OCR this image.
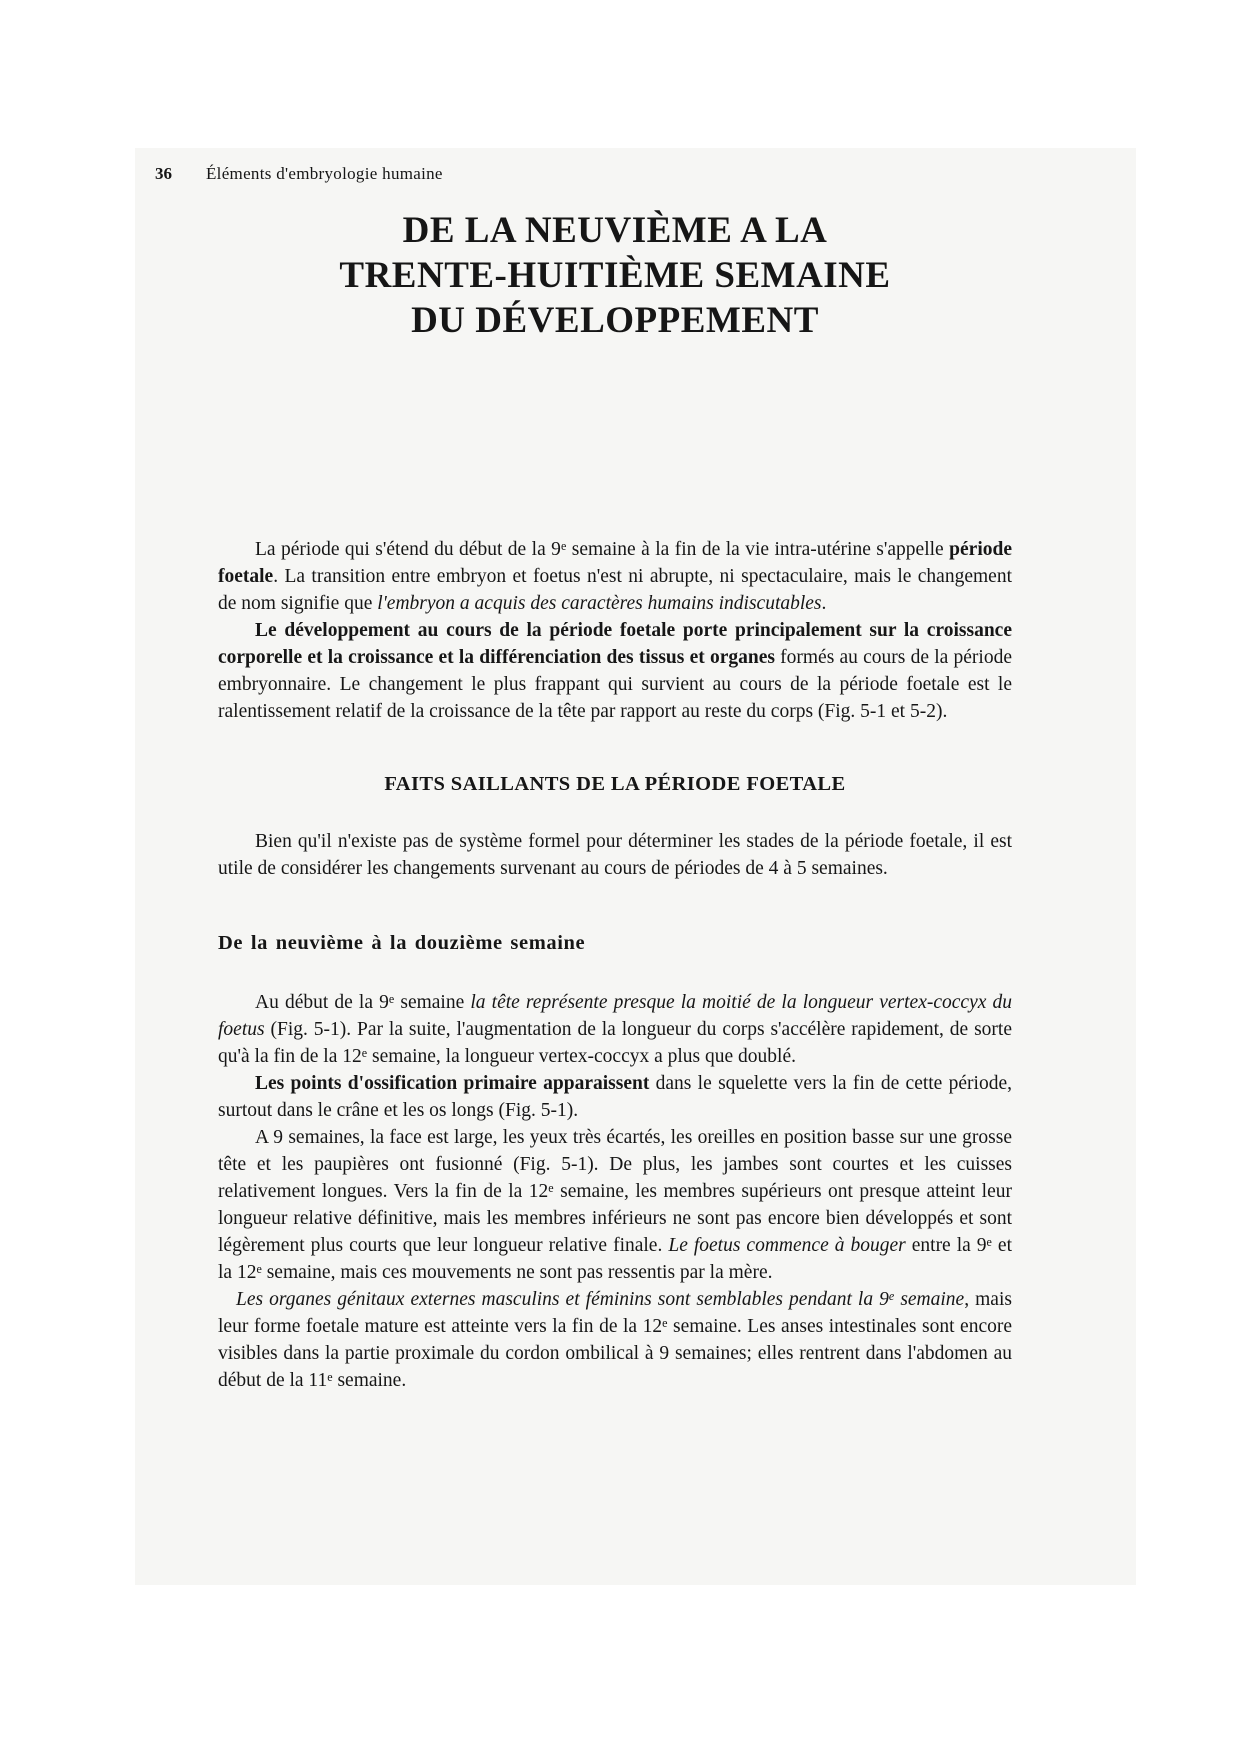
36 Éléments d'embryologie humaine
DE LA NEUVIÈME A LA
TRENTE-HUITIÈME SEMAINE
DU DÉVELOPPEMENT

La période qui s'étend du début de la 9e semaine à la fin de la vie intra-utérine s'appelle période foetale. La transition entre embryon et foetus n'est ni abrupte, ni spectaculaire, mais le changement de nom signifie que l'embryon a acquis des caractères humains indiscutables.

Le développement au cours de la période foetale porte principalement sur la croissance corporelle et la croissance et la différenciation des tissus et organes formés au cours de la période embryonnaire. Le changement le plus frappant qui survient au cours de la période foetale est le ralentissement relatif de la croissance de la tête par rapport au reste du corps (Fig. 5-1 et 5-2).

FAITS SAILLANTS DE LA PÉRIODE FOETALE

Bien qu'il n'existe pas de système formel pour déterminer les stades de la période foetale, il est utile de considérer les changements survenant au cours de périodes de 4 à 5 semaines.

De la neuvième à la douzième semaine

Au début de la 9e semaine la tête représente presque la moitié de la longueur vertex-coccyx du foetus (Fig. 5-1). Par la suite, l'augmentation de la longueur du corps s'accélère rapidement, de sorte qu'à la fin de la 12e semaine, la longueur vertex-coccyx a plus que doublé.

Les points d'ossification primaire apparaissent dans le squelette vers la fin de cette période, surtout dans le crâne et les os longs (Fig. 5-1).

A 9 semaines, la face est large, les yeux très écartés, les oreilles en position basse sur une grosse tête et les paupières ont fusionné (Fig. 5-1). De plus, les jambes sont courtes et les cuisses relativement longues. Vers la fin de la 12e semaine, les membres supérieurs ont presque atteint leur longueur relative définitive, mais les membres inférieurs ne sont pas encore bien développés et sont légèrement plus courts que leur longueur relative finale. Le foetus commence à bouger entre la 9e et la 12e semaine, mais ces mouvements ne sont pas ressentis par la mère.

Les organes génitaux externes masculins et féminins sont semblables pendant la 9e semaine, mais leur forme foetale mature est atteinte vers la fin de la 12e semaine. Les anses intestinales sont encore visibles dans la partie proximale du cordon ombilical à 9 semaines; elles rentrent dans l'abdomen au début de la 11e semaine.
